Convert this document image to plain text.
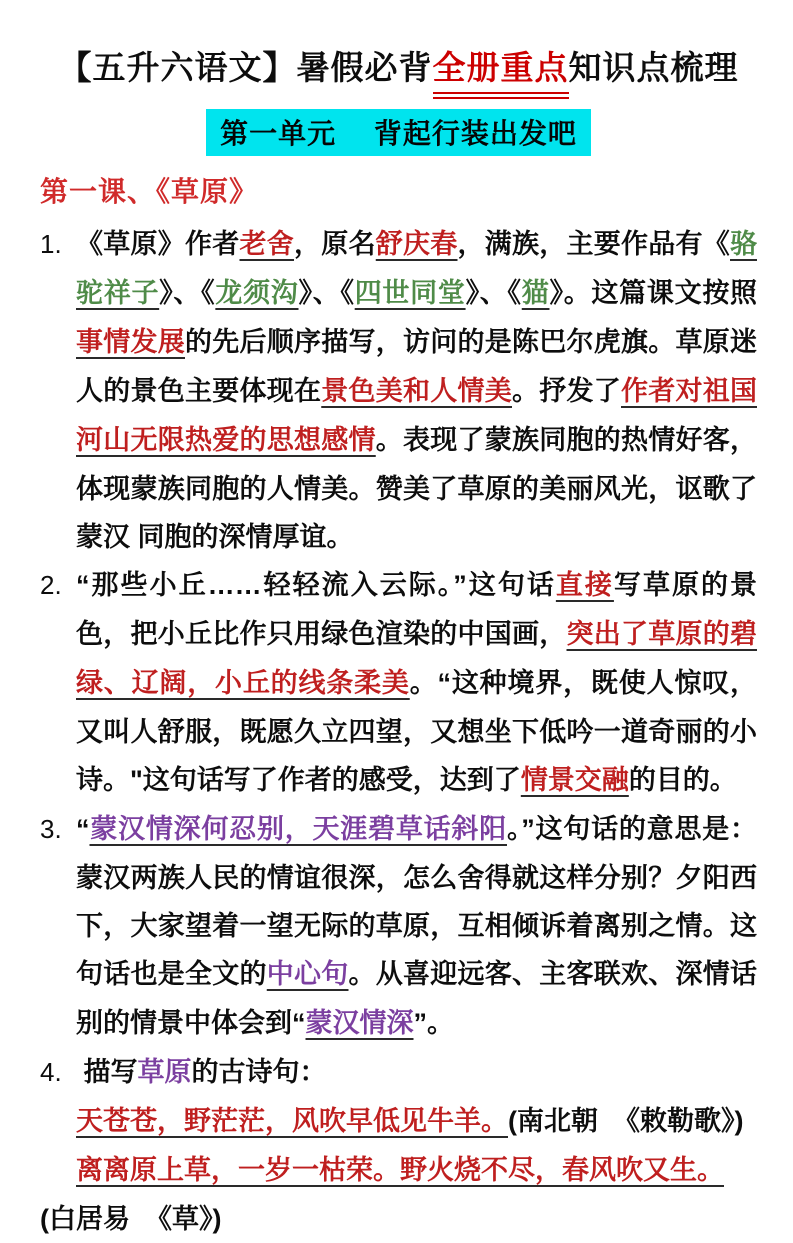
【五升六语文】暑假必背全册重点知识点梳理
第一单元　 背起行装出发吧
第一课、《草原》
1. 《草原》作者老舍，原名舒庆春，满族，主要作品有《骆驼祥子》、《龙须沟》、《四世同堂》、《猫》。这篇课文按照事情发展的先后顺序描写，访问的是陈巴尔虎旗。草原迷人的景色主要体现在景色美和人情美。抒发了作者对祖国河山无限热爱的思想感情。表现了蒙族同胞的热情好客，体现蒙族同胞的人情美。赞美了草原的美丽风光，讴歌了蒙汉 同胞的深情厚谊。
2. “那些小丘……轻轻流入云际。”这句话直接写草原的景色，把小丘比作只用绿色渲染的中国画，突出了草原的碧绿、辽阔，小丘的线条柔美。“这种境界，既使人惊叹，又叫人舒服，既愿久立四望，又想坐下低吟一道奇丽的小诗。"这句话写了作者的感受，达到了情景交融的目的。
3. “蒙汉情深何忍别，天涯碧草话斜阳。”这句话的意思是：蒙汉两族人民的情谊很深，怎么舍得就这样分别？夕阳西下，大家望着一望无际的草原，互相倾诉着离别之情。这句话也是全文的中心句。从喜迎远客、主客联欢、深情话别的情景中体会到“蒙汉情深”。
4. 描写草原的古诗句：
天苍苍，野茫茫，风吹早低见牛羊。(南北朝  《敕勒歌》)
离离原上草，一岁一枯荣。野火烧不尽，春风吹又生。
(白居易  《草》)
